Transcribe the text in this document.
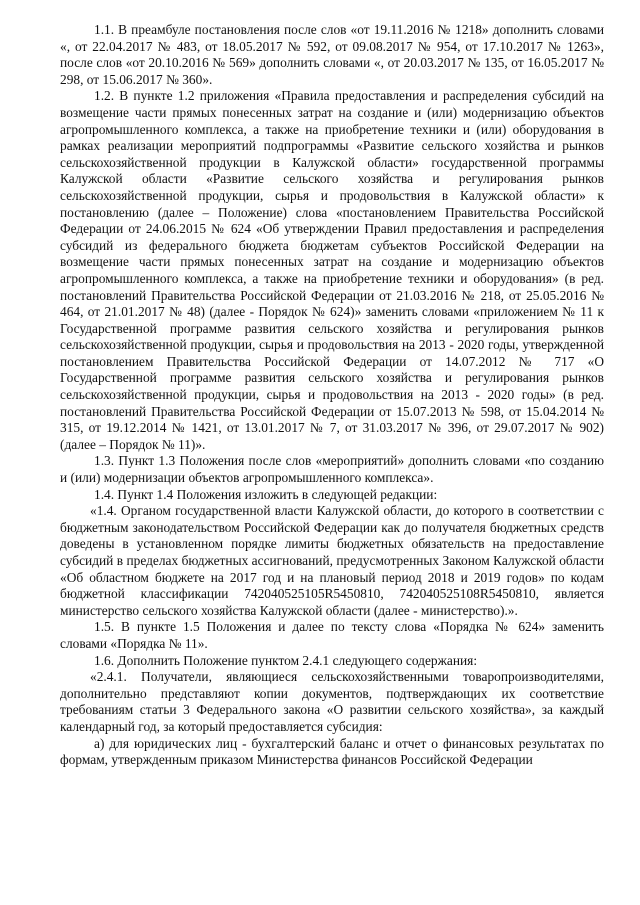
1.1. В преамбуле постановления после слов «от 19.11.2016 № 1218» дополнить словами «, от 22.04.2017 № 483, от 18.05.2017 № 592, от 09.08.2017 № 954, от 17.10.2017 № 1263», после слов «от 20.10.2016 № 569» дополнить словами «, от 20.03.2017 № 135, от 16.05.2017 № 298, от 15.06.2017 № 360».

1.2. В пункте 1.2 приложения «Правила предоставления и распределения субсидий на возмещение части прямых понесенных затрат на создание и (или) модернизацию объектов агропромышленного комплекса, а также на приобретение техники и (или) оборудования в рамках реализации мероприятий подпрограммы «Развитие сельского хозяйства и рынков сельскохозяйственной продукции в Калужской области» государственной программы Калужской области «Развитие сельского хозяйства и регулирования рынков сельскохозяйственной продукции, сырья и продовольствия в Калужской области» к постановлению (далее – Положение) слова «постановлением Правительства Российской Федерации от 24.06.2015 № 624 «Об утверждении Правил предоставления и распределения субсидий из федерального бюджета бюджетам субъектов Российской Федерации на возмещение части прямых понесенных затрат на создание и модернизацию объектов агропромышленного комплекса, а также на приобретение техники и оборудования» (в ред. постановлений Правительства Российской Федерации от 21.03.2016 № 218, от 25.05.2016 № 464, от 21.01.2017 № 48) (далее - Порядок № 624)» заменить словами «приложением № 11 к Государственной программе развития сельского хозяйства и регулирования рынков сельскохозяйственной продукции, сырья и продовольствия на 2013 - 2020 годы, утвержденной постановлением Правительства Российской Федерации от 14.07.2012 № 717 «О Государственной программе развития сельского хозяйства и регулирования рынков сельскохозяйственной продукции, сырья и продовольствия на 2013 - 2020 годы» (в ред. постановлений Правительства Российской Федерации от 15.07.2013 № 598, от 15.04.2014 № 315, от 19.12.2014 № 1421, от 13.01.2017 № 7, от 31.03.2017 № 396, от 29.07.2017 № 902) (далее – Порядок № 11)».

1.3. Пункт 1.3 Положения после слов «мероприятий» дополнить словами «по созданию и (или) модернизации объектов агропромышленного комплекса».

1.4. Пункт 1.4 Положения изложить в следующей редакции:

«1.4. Органом государственной власти Калужской области, до которого в соответствии с бюджетным законодательством Российской Федерации как до получателя бюджетных средств доведены в установленном порядке лимиты бюджетных обязательств на предоставление субсидий в пределах бюджетных ассигнований, предусмотренных Законом Калужской области «Об областном бюджете на 2017 год и на плановый период 2018 и 2019 годов» по кодам бюджетной классификации 742040525105R5450810, 742040525108R5450810, является министерство сельского хозяйства Калужской области (далее - министерство).».

1.5. В пункте 1.5 Положения и далее по тексту слова «Порядка № 624» заменить словами «Порядка № 11».

1.6. Дополнить Положение пунктом 2.4.1 следующего содержания:

«2.4.1. Получатели, являющиеся сельскохозяйственными товаропроизводителями, дополнительно представляют копии документов, подтверждающих их соответствие требованиям статьи 3 Федерального закона «О развитии сельского хозяйства», за каждый календарный год, за который предоставляется субсидия:

а) для юридических лиц - бухгалтерский баланс и отчет о финансовых результатах по формам, утвержденным приказом Министерства финансов Российской Федерации
